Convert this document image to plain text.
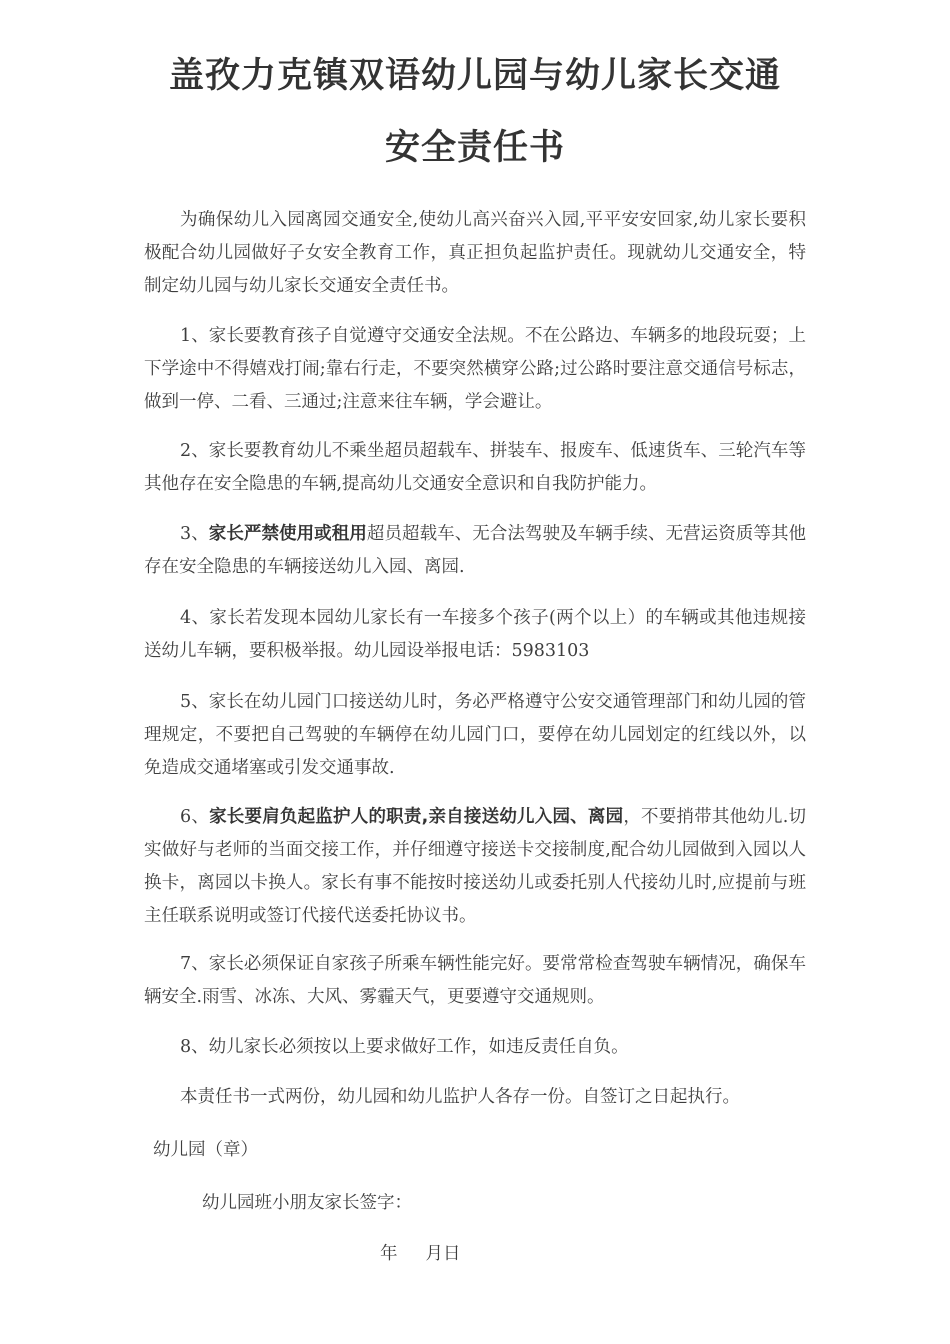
盖孜力克镇双语幼儿园与幼儿家长交通
安全责任书

为确保幼儿入园离园交通安全,使幼儿高兴奋兴入园,平平安安回家,幼儿家长要积极配合幼儿园做好子女安全教育工作，真正担负起监护责任。现就幼儿交通安全，特制定幼儿园与幼儿家长交通安全责任书。

1、家长要教育孩子自觉遵守交通安全法规。不在公路边、车辆多的地段玩耍；上下学途中不得嬉戏打闹;靠右行走，不要突然横穿公路;过公路时要注意交通信号标志，做到一停、二看、三通过;注意来往车辆，学会避让。

2、家长要教育幼儿不乘坐超员超载车、拼装车、报废车、低速货车、三轮汽车等其他存在安全隐患的车辆,提高幼儿交通安全意识和自我防护能力。

3、家长严禁使用或租用超员超载车、无合法驾驶及车辆手续、无营运资质等其他存在安全隐患的车辆接送幼儿入园、离园.

4、家长若发现本园幼儿家长有一车接多个孩子(两个以上）的车辆或其他违规接送幼儿车辆，要积极举报。幼儿园设举报电话：5983103

5、家长在幼儿园门口接送幼儿时，务必严格遵守公安交通管理部门和幼儿园的管理规定，不要把自己驾驶的车辆停在幼儿园门口，要停在幼儿园划定的红线以外，以免造成交通堵塞或引发交通事故.

6、家长要肩负起监护人的职责,亲自接送幼儿入园、离园，不要捎带其他幼儿.切实做好与老师的当面交接工作，并仔细遵守接送卡交接制度,配合幼儿园做到入园以人换卡，离园以卡换人。家长有事不能按时接送幼儿或委托别人代接幼儿时,应提前与班主任联系说明或签订代接代送委托协议书。

7、家长必须保证自家孩子所乘车辆性能完好。要常常检查驾驶车辆情况，确保车辆安全.雨雪、冰冻、大风、雾霾天气，更要遵守交通规则。

8、幼儿家长必须按以上要求做好工作，如违反责任自负。

本责任书一式两份，幼儿园和幼儿监护人各存一份。自签订之日起执行。

幼儿园（章）
幼儿园班小朋友家长签字：
年 月日
